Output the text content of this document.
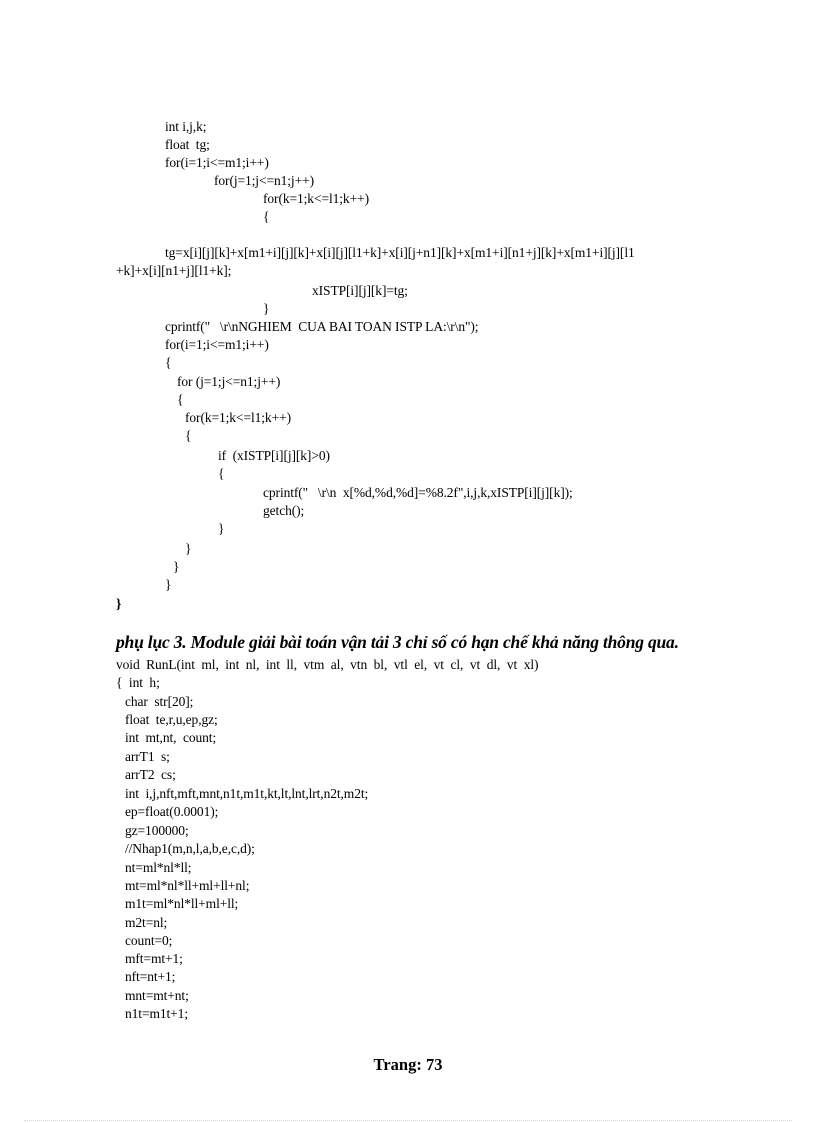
int i,j,k;
float  tg;
for(i=1;i<=m1;i++)
for(j=1;j<=n1;j++)
for(k=1;k<=l1;k++)
{
tg=x[i][j][k]+x[m1+i][j][k]+x[i][j][l1+k]+x[i][j+n1][k]+x[m1+i][n1+j][k]+x[m1+i][j][l1
+k]+x[i][n1+j][l1+k];
xISTP[i][j][k]=tg;
}
cprintf("   \r\nNGHIEM  CUA BAI TOAN ISTP LA:\r\n");
for(i=1;i<=m1;i++)
{
for (j=1;j<=n1;j++)
{
for(k=1;k<=l1;k++)
{
if  (xISTP[i][j][k]>0)
{
cprintf("   \r\n  x[%d,%d,%d]=%8.2f",i,j,k,xISTP[i][j][k]);
getch();
}
}
}
}
}
phụ lục 3. Module giải bài toán vận tải 3 chỉ số có hạn chế khả năng thông qua.
void  RunL(int  ml,  int  nl,  int  ll,  vtm  al,  vtn  bl,  vtl  el,  vt  cl,  vt  dl,  vt  xl)
{  int  h;
char  str[20];
float  te,r,u,ep,gz;
int  mt,nt,  count;
arrT1  s;
arrT2  cs;
int  i,j,nft,mft,mnt,n1t,m1t,kt,lt,lnt,lrt,n2t,m2t;
ep=float(0.0001);
gz=100000;
//Nhap1(m,n,l,a,b,e,c,d);
nt=ml*nl*ll;
mt=ml*nl*ll+ml+ll+nl;
m1t=ml*nl*ll+ml+ll;
m2t=nl;
count=0;
mft=mt+1;
nft=nt+1;
mnt=mt+nt;
n1t=m1t+1;
Trang: 73
